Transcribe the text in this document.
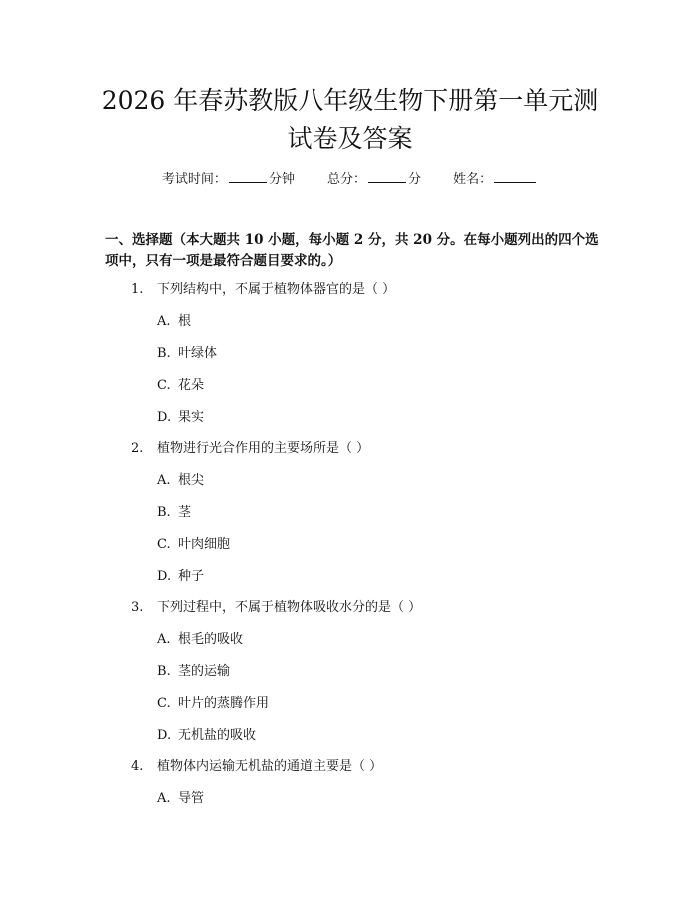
2026 年春苏教版八年级生物下册第一单元测
试卷及答案
考试时间：	分钟 总分：	分 姓名：

一、选择题（本大题共 10 小题，每小题 2 分，共 20 分。在每小题列出的四个选项中，只有一项是最符合题目要求的。）

1. 下列结构中，不属于植物体器官的是（ ）
A. 根
B. 叶绿体
C. 花朵
D. 果实
2. 植物进行光合作用的主要场所是（ ）
A. 根尖
B. 茎
C. 叶肉细胞
D. 种子
3. 下列过程中，不属于植物体吸收水分的是（ ）
A. 根毛的吸收
B. 茎的运输
C. 叶片的蒸腾作用
D. 无机盐的吸收
4. 植物体内运输无机盐的通道主要是（ ）
A. 导管
